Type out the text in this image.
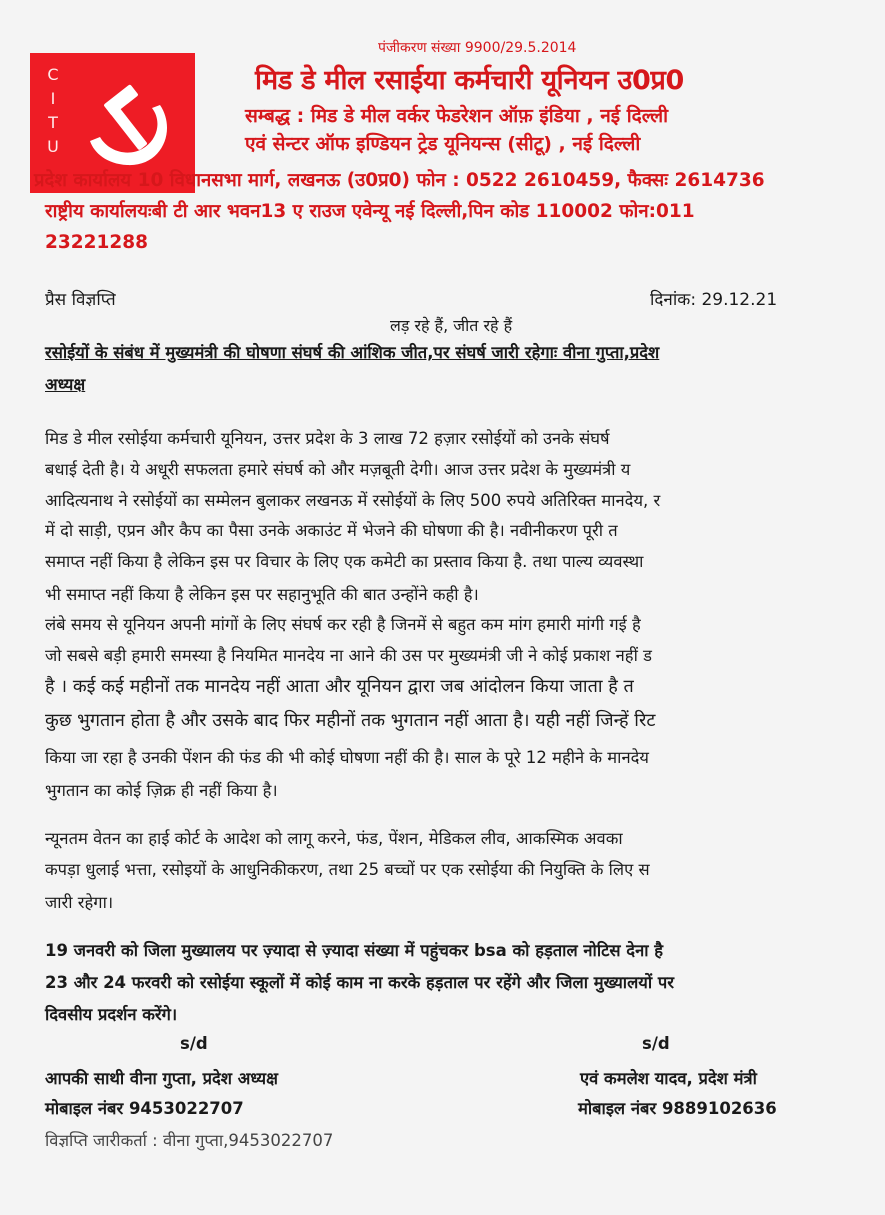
C
I
T
U
पंजीकरण संख्या 9900/29.5.2014
मिड डे मील रसाईया कर्मचारी यूनियन उ0प्र0
सम्बद्ध : मिड डे मील वर्कर फेडरेशन ऑफ़ इंडिया , नई दिल्ली
एवं सेन्टर ऑफ इण्डियन ट्रेड यूनियन्स (सीटू) , नई दिल्ली
प्रदेश कार्यालय 10 विधानसभा मार्ग, लखनऊ (उ0प्र0) फोन : 0522 2610459, फैक्सः 2614736
राष्ट्रीय कार्यालयःबी टी आर भवन13 ए राउज एवेन्यू नई दिल्ली,पिन कोड 110002 फोन:011
23221288
प्रैस विज्ञप्ति	दिनांक: 29.12.21
लड़ रहे हैं, जीत रहे हैं
रसोईयों के संबंध में मुख्यमंत्री की घोषणा संघर्ष की आंशिक जीत,पर संघर्ष जारी रहेगाः वीना गुप्ता,प्रदेश
अध्यक्ष
मिड डे मील रसोईया कर्मचारी यूनियन, उत्तर प्रदेश के 3 लाख 72 हज़ार रसोईयों को उनके संघर्ष
बधाई देती है। ये अधूरी सफलता हमारे संघर्ष को और मज़बूती देगी। आज उत्तर प्रदेश के मुख्यमंत्री य
आदित्यनाथ ने रसोईयों का सम्मेलन बुलाकर लखनऊ में रसोईयों के लिए 500 रुपये अतिरिक्त मानदेय, र
में दो साड़ी, एप्रन और कैप का पैसा उनके अकाउंट में भेजने की घोषणा की है। नवीनीकरण पूरी त
समाप्त नहीं किया है लेकिन इस पर विचार के लिए एक कमेटी का प्रस्ताव किया है. तथा पाल्य व्यवस्था
भी समाप्त नहीं किया है लेकिन इस पर सहानुभूति की बात उन्होंने कही है।
लंबे समय से यूनियन अपनी मांगों के लिए संघर्ष कर रही है जिनमें से बहुत कम मांग हमारी मांगी गई है
जो सबसे बड़ी हमारी समस्या है नियमित मानदेय ना आने की उस पर मुख्यमंत्री जी ने कोई प्रकाश नहीं ड
है । कई कई महीनों तक मानदेय नहीं आता और यूनियन द्वारा जब आंदोलन किया जाता है त
कुछ भुगतान होता है और उसके बाद फिर महीनों तक भुगतान नहीं आता है। यही नहीं जिन्हें रिट
किया जा रहा है उनकी पेंशन की फंड की भी कोई घोषणा नहीं की है। साल के पूरे 12 महीने के मानदेय
भुगतान का कोई ज़िक्र ही नहीं किया है।
न्यूनतम वेतन का हाई कोर्ट के आदेश को लागू करने, फंड, पेंशन, मेडिकल लीव, आकस्मिक अवका
कपड़ा धुलाई भत्ता, रसोइयों के आधुनिकीकरण, तथा 25 बच्चों पर एक रसोईया की नियुक्ति के लिए स
जारी रहेगा।
19 जनवरी को जिला मुख्यालय पर ज़्यादा से ज़्यादा संख्या में पहुंचकर bsa को हड़ताल नोटिस देना है
23 और 24 फरवरी को रसोईया स्कूलों में कोई काम ना करके हड़ताल पर रहेंगे और जिला मुख्यालयों पर
दिवसीय प्रदर्शन करेंगे।
s/d	s/d
आपकी साथी वीना गुप्ता, प्रदेश अध्यक्ष	एवं कमलेश यादव, प्रदेश मंत्री
मोबाइल नंबर 9453022707	मोबाइल नंबर 9889102636
विज्ञप्ति जारीकर्ता : वीना गुप्ता,9453022707
